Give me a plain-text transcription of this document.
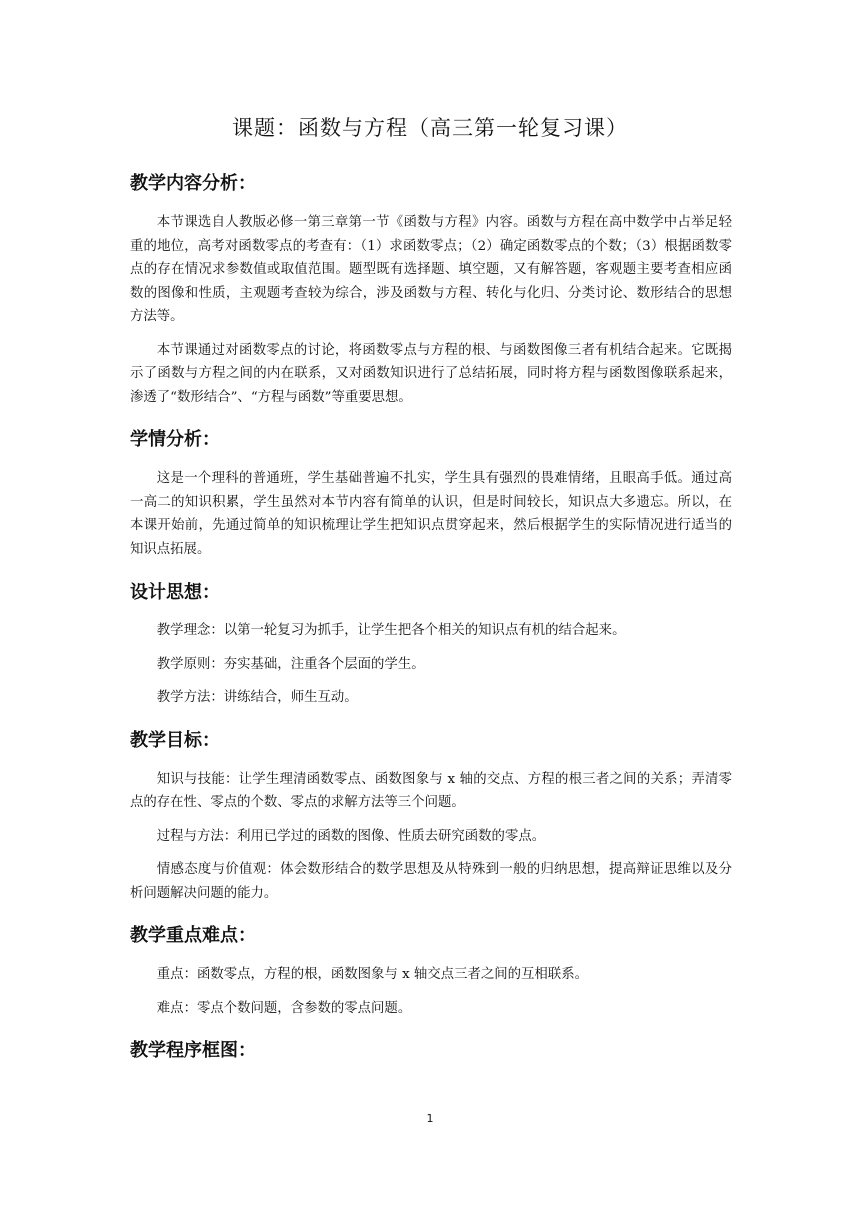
课题：函数与方程（高三第一轮复习课）
教学内容分析：

本节课选自人教版必修一第三章第一节《函数与方程》内容。函数与方程在高中数学中占举足轻重的地位，高考对函数零点的考查有：（1）求函数零点；（2）确定函数零点的个数；（3）根据函数零点的存在情况求参数值或取值范围。题型既有选择题、填空题，又有解答题，客观题主要考查相应函数的图像和性质，主观题考查较为综合，涉及函数与方程、转化与化归、分类讨论、数形结合的思想方法等。

本节课通过对函数零点的讨论，将函数零点与方程的根、与函数图像三者有机结合起来。它既揭示了函数与方程之间的内在联系，又对函数知识进行了总结拓展，同时将方程与函数图像联系起来，渗透了“数形结合”、“方程与函数”等重要思想。

学情分析：

这是一个理科的普通班，学生基础普遍不扎实，学生具有强烈的畏难情绪，且眼高手低。通过高一高二的知识积累，学生虽然对本节内容有简单的认识，但是时间较长，知识点大多遗忘。所以，在本课开始前，先通过简单的知识梳理让学生把知识点贯穿起来，然后根据学生的实际情况进行适当的知识点拓展。

设计思想：

教学理念：以第一轮复习为抓手，让学生把各个相关的知识点有机的结合起来。

教学原则：夯实基础，注重各个层面的学生。

教学方法：讲练结合，师生互动。

教学目标：

知识与技能：让学生理清函数零点、函数图象与 x 轴的交点、方程的根三者之间的关系；弄清零点的存在性、零点的个数、零点的求解方法等三个问题。

过程与方法：利用已学过的函数的图像、性质去研究函数的零点。

情感态度与价值观：体会数形结合的数学思想及从特殊到一般的归纳思想，提高辩证思维以及分析问题解决问题的能力。

教学重点难点：

重点：函数零点，方程的根，函数图象与 x 轴交点三者之间的互相联系。

难点：零点个数问题，含参数的零点问题。

教学程序框图：
1
